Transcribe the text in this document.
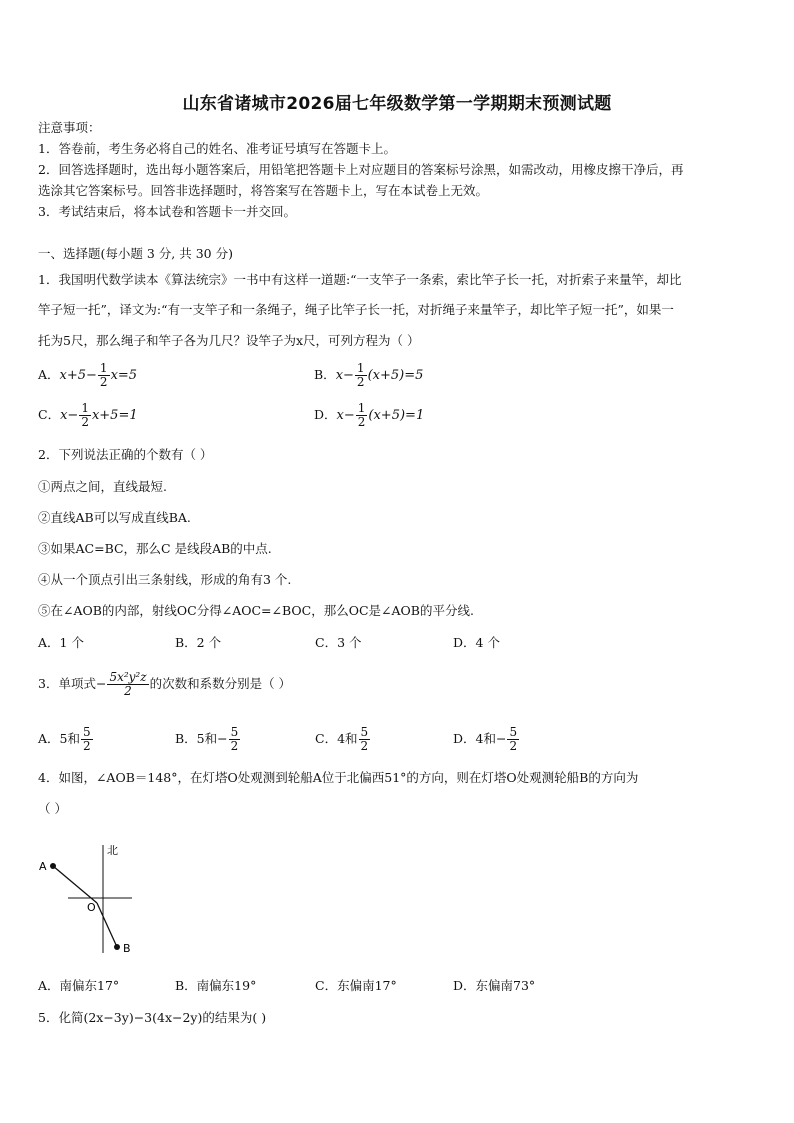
山东省诸城市2026届七年级数学第一学期期末预测试题
注意事项：
1．答卷前，考生务必将自己的姓名、准考证号填写在答题卡上。
2．回答选择题时，选出每小题答案后，用铅笔把答题卡上对应题目的答案标号涂黑，如需改动，用橡皮擦干净后，再
选涂其它答案标号。回答非选择题时，将答案写在答题卡上，写在本试卷上无效。
3．考试结束后，将本试卷和答题卡一并交回。
一、选择题(每小题 3 分, 共 30 分)
1．我国明代数学读本《算法统宗》一书中有这样一道题:“一支竿子一条索，索比竿子长一托，对折索子来量竿，却比
竿子短一托”，译文为:“有一支竿子和一条绳子，绳子比竿子长一托，对折绳子来量竿子，却比竿子短一托”，如果一
托为5尺，那么绳子和竿子各为几尺？设竿子为x尺，可列方程为（ ）
A．$x+5- \frac{1}{2} x=5$	B．$x- \frac{1}{2} (x+5)=5$
C．$x- \frac{1}{2} x+5=1$	D．$x- \frac{1}{2} (x+5)=1$
2．下列说法正确的个数有（ ）
①两点之间，直线最短.
②直线AB可以写成直线BA.
③如果AC=BC，那么C 是线段AB的中点.
④从一个顶点引出三条射线，形成的角有3 个.
⑤在∠AOB的内部，射线OC分得∠AOC=∠BOC，那么OC是∠AOB的平分线.
A．1 个	B．2 个	C．3 个	D．4 个
3．单项式− $\frac{\text{5x²y²z}}{2}$ 的次数和系数分别是（ ）
A．5和 $\frac{5}{2}$	B．5和− $\frac{5}{2}$	C．4和 $\frac{5}{2}$	D．4和− $\frac{5}{2}$
4．如图，∠AOB＝148°，在灯塔O处观测到轮船A位于北偏西51°的方向，则在灯塔O处观测轮船B的方向为
（ ）
北
A
O
B
A．南偏东17°	B．南偏东19°	C．东偏南17°	D．东偏南73°
5．化简(2x−3y)−3(4x−2y)的结果为( )
